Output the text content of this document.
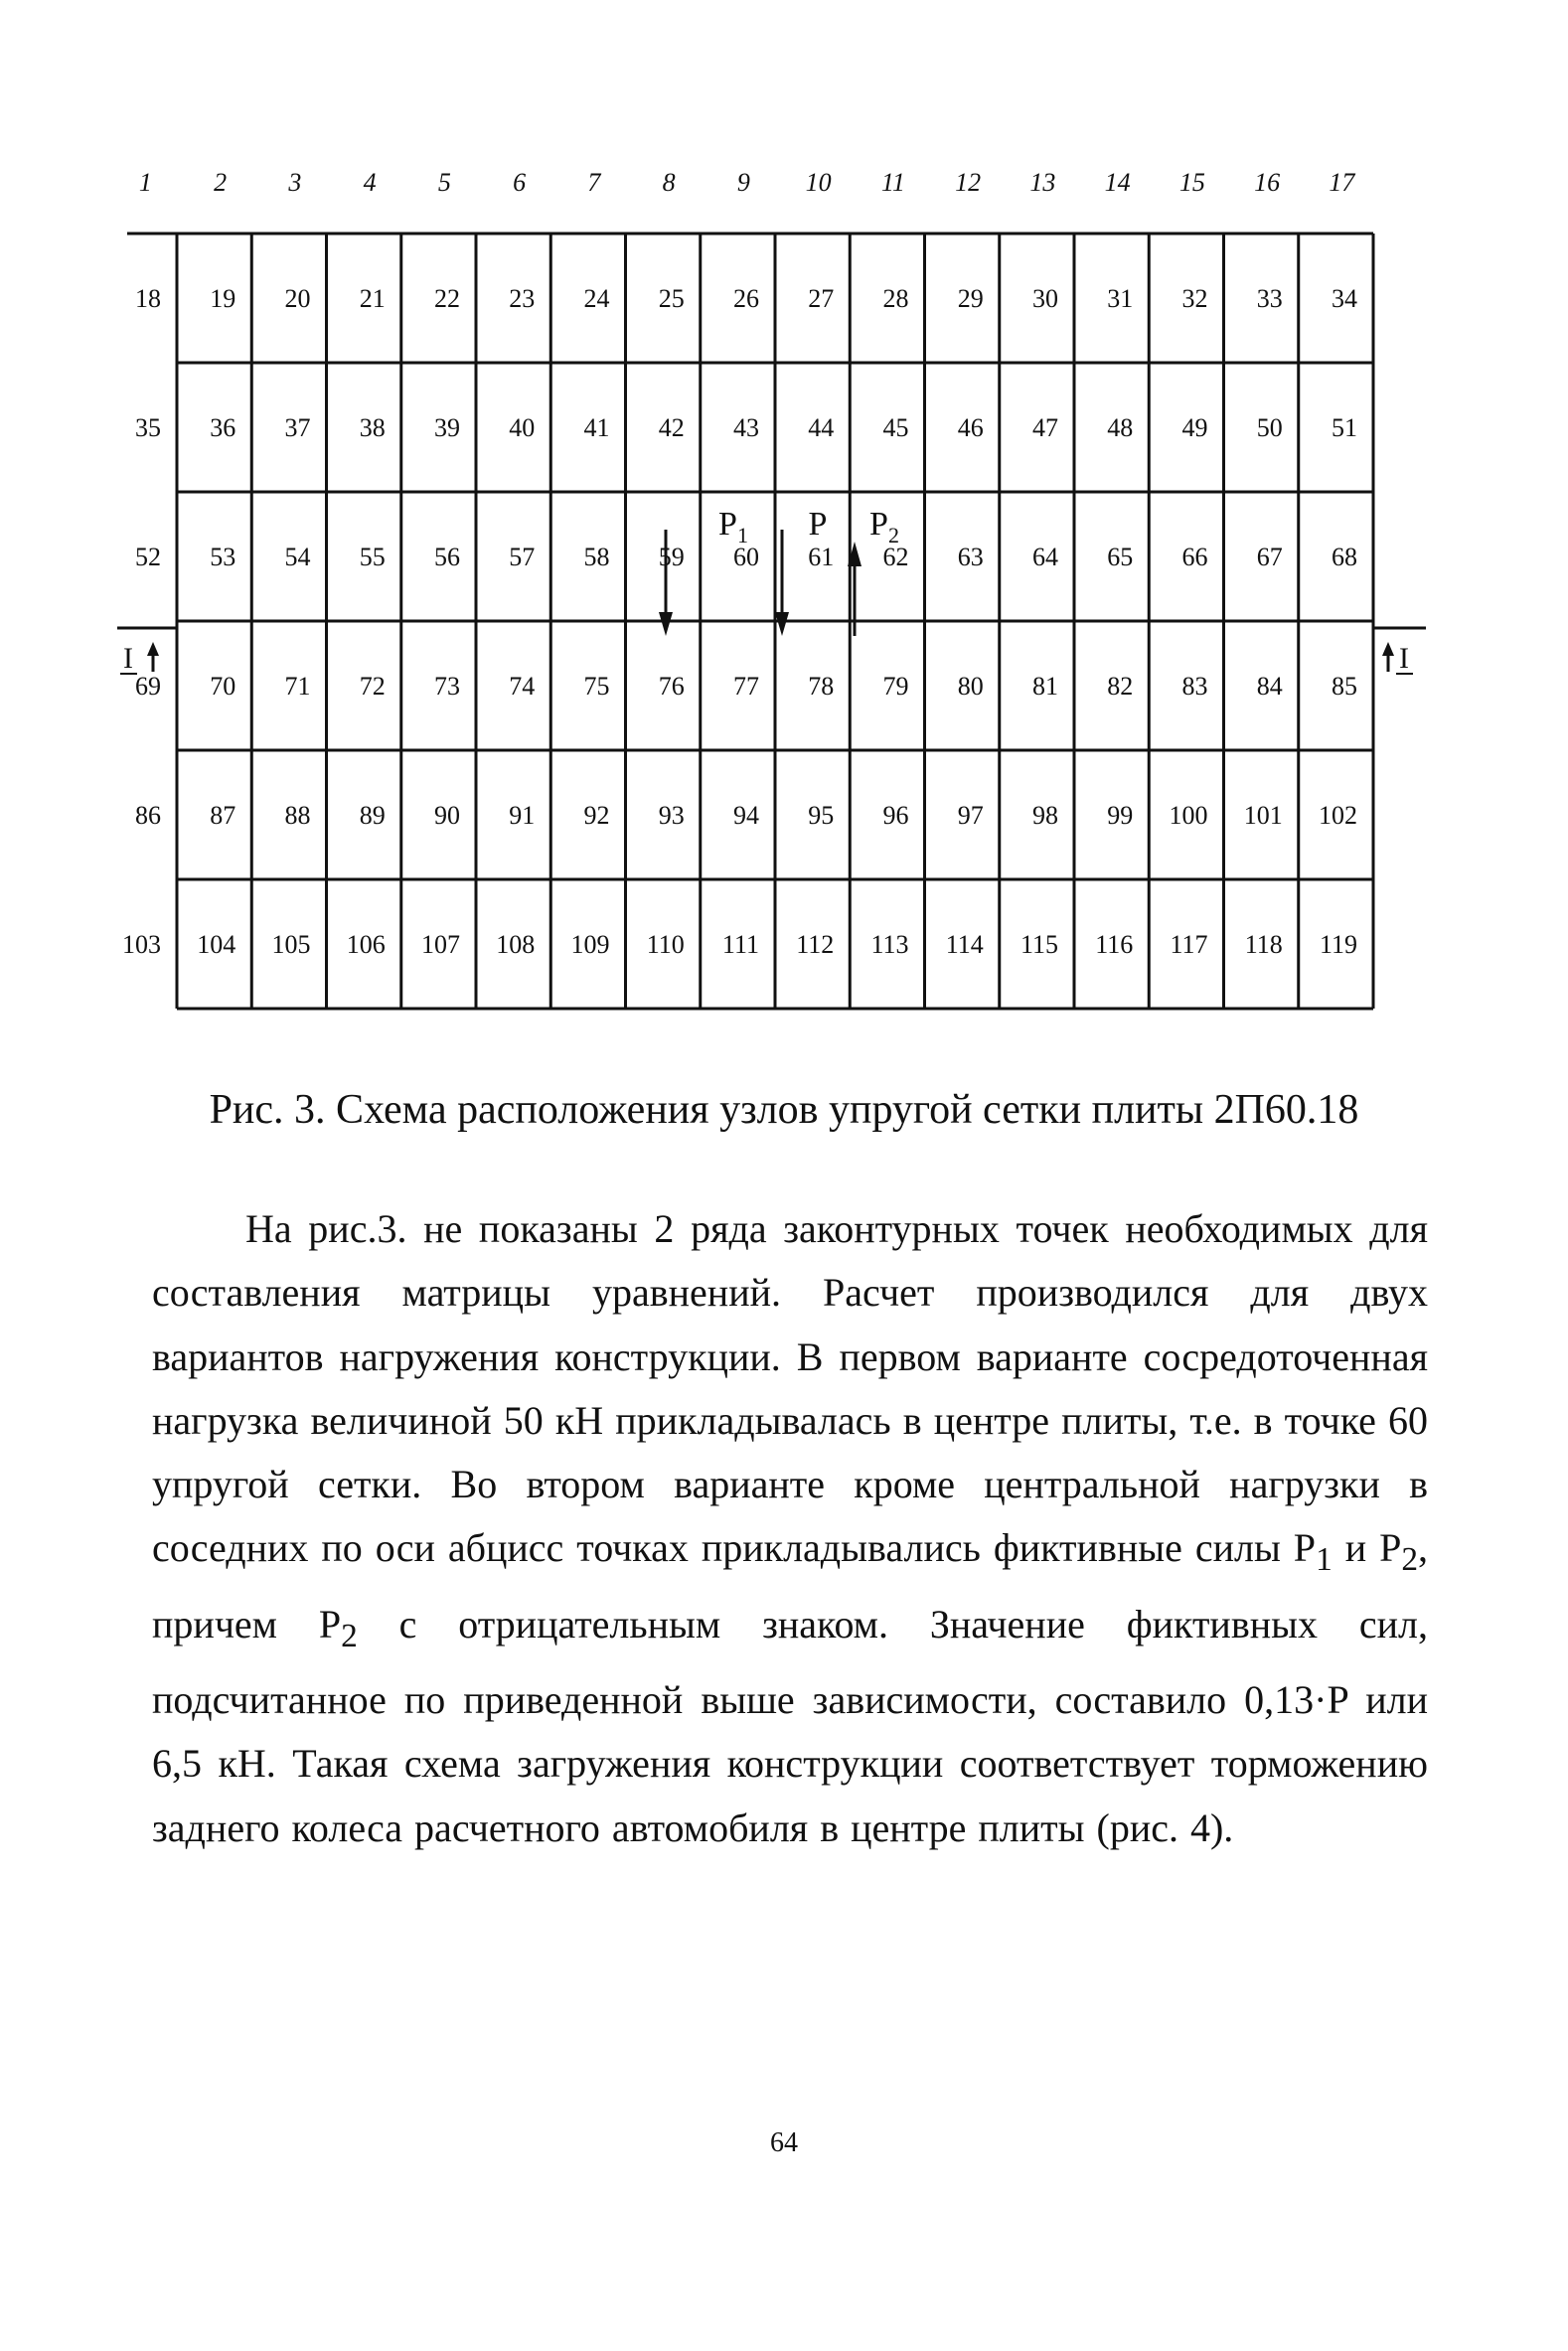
1 2 3 4 5 6 7 8 9 10 11 12 13 14 15 16 17
18 19 20 21 22 23 24 25 26 27 28 29 30 31 32 33 34
35 36 37 38 39 40 41 42 43 44 45 46 47 48 49 50 51
52 53 54 55 56 57 58 59 60 61 62 63 64 65 66 67 68
69 70 71 72 73 74 75 76 77 78 79 80 81 82 83 84 85
86 87 88 89 90 91 92 93 94 95 96 97 98 99 100 101 102
103 104 105 106 107 108 109 110 111 112 113 114 115 116 117 118 119
$P_1$ P $P_2$
I	I
Рис. 3. Схема расположения узлов упругой сетки плиты 2П60.18

На рис.3. не показаны 2 ряда законтурных точек необходимых для составления матрицы уравнений. Расчет производился для двух вариантов нагружения конструкции. В первом варианте сосредоточенная нагрузка величиной 50 кН прикладывалась в центре плиты, т.е. в точке 60 упругой сетки. Во втором варианте кроме центральной нагрузки в соседних по оси абцисс точках прикладывались фиктивные силы $P_1$ и $P_2$, причем $P_2$ с отрицательным знаком. Значение фиктивных сил, подсчитанное по приведенной выше зависимости, составило 0,13·P или 6,5 кН. Такая схема загружения конструкции соответствует торможению заднего колеса расчетного автомобиля в центре плиты (рис. 4).

64
